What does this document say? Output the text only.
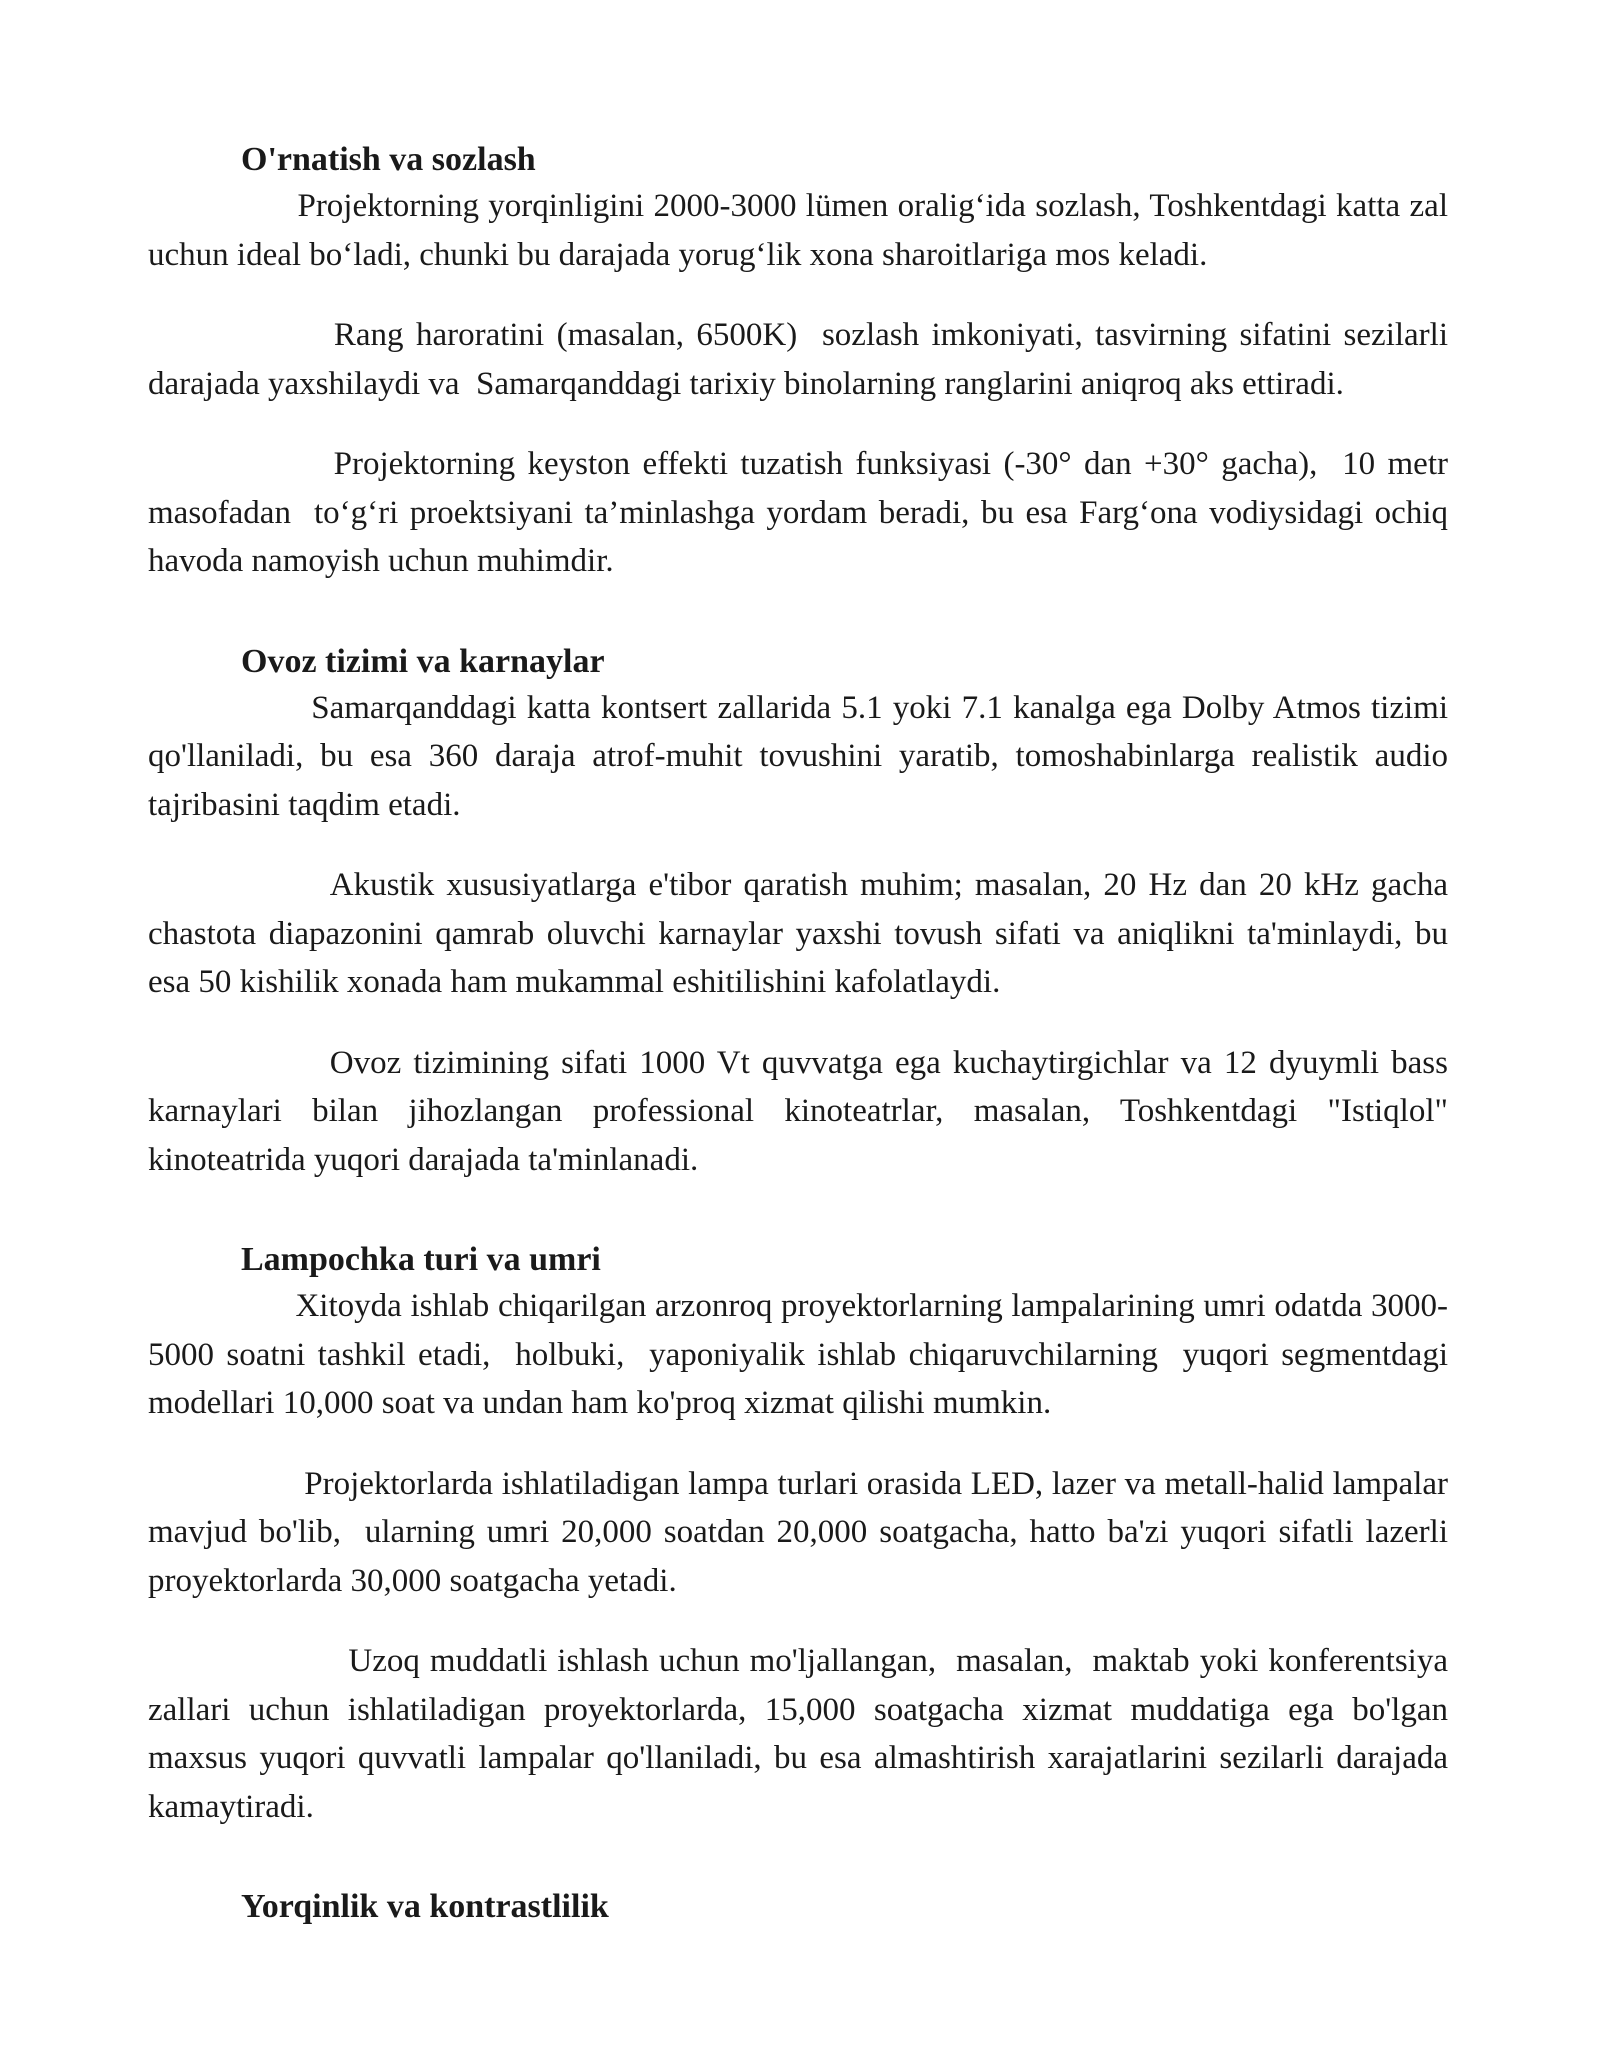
O'rnatish va sozlash

Projektorning yorqinligini 2000-3000 lümen oralig‘ida sozlash, Toshkentdagi katta zal uchun ideal bo‘ladi, chunki bu darajada yorug‘lik xona sharoitlariga mos keladi.

Rang haroratini (masalan, 6500K)  sozlash imkoniyati, tasvirning sifatini sezilarli darajada yaxshilaydi va  Samarqanddagi tarixiy binolarning ranglarini aniqroq aks ettiradi.

Projektorning keyston effekti tuzatish funksiyasi (-30° dan +30° gacha),  10 metr masofadan  to‘g‘ri proektsiyani ta’minlashga yordam beradi, bu esa Farg‘ona vodiysidagi ochiq havoda namoyish uchun muhimdir.

Ovoz tizimi va karnaylar

Samarqanddagi katta kontsert zallarida 5.1 yoki 7.1 kanalga ega Dolby Atmos tizimi qo'llaniladi, bu esa 360 daraja atrof-muhit tovushini yaratib, tomoshabinlarga realistik audio tajribasini taqdim etadi.

Akustik xususiyatlarga e'tibor qaratish muhim; masalan, 20 Hz dan 20 kHz gacha chastota diapazonini qamrab oluvchi karnaylar yaxshi tovush sifati va aniqlikni ta'minlaydi, bu esa 50 kishilik xonada ham mukammal eshitilishini kafolatlaydi.

Ovoz tizimining sifati 1000 Vt quvvatga ega kuchaytirgichlar va 12 dyuymli bass karnaylari bilan jihozlangan professional kinoteatrlar, masalan, Toshkentdagi "Istiqlol" kinoteatrida yuqori darajada ta'minlanadi.

Lampochka turi va umri

Xitoyda ishlab chiqarilgan arzonroq proyektorlarning lampalarining umri odatda 3000-5000 soatni tashkil etadi,  holbuki,  yaponiyalik ishlab chiqaruvchilarning  yuqori segmentdagi modellari 10,000 soat va undan ham ko'proq xizmat qilishi mumkin.

Projektorlarda ishlatiladigan lampa turlari orasida LED, lazer va metall-halid lampalar mavjud bo'lib,  ularning umri 20,000 soatdan 20,000 soatgacha, hatto ba'zi yuqori sifatli lazerli proyektorlarda 30,000 soatgacha yetadi.

Uzoq muddatli ishlash uchun mo'ljallangan,  masalan,  maktab yoki konferentsiya zallari uchun ishlatiladigan proyektorlarda, 15,000 soatgacha xizmat muddatiga ega bo'lgan maxsus yuqori quvvatli lampalar qo'llaniladi, bu esa almashtirish xarajatlarini sezilarli darajada kamaytiradi.

Yorqinlik va kontrastlilik
